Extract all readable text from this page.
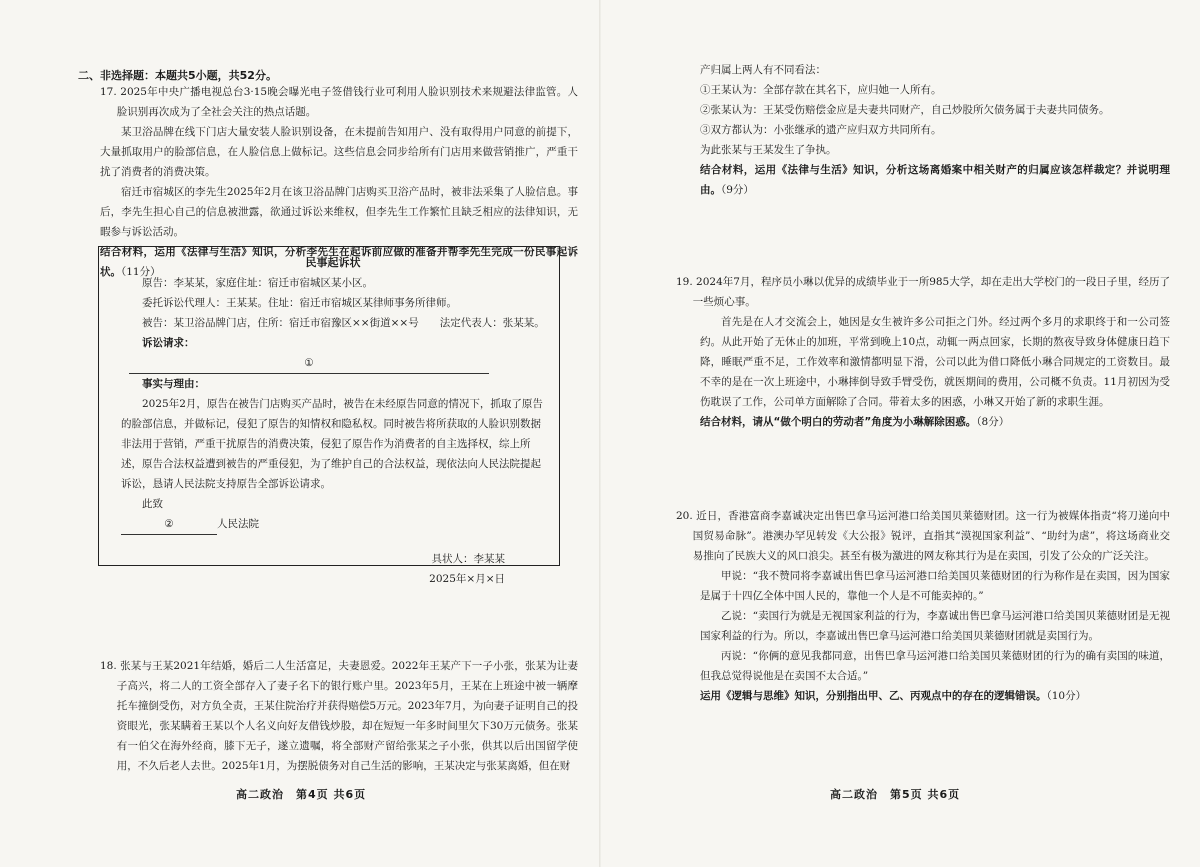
二、非选择题：本题共5小题，共52分。

17. 2025年中央广播电视总台3·15晚会曝光电子签借钱行业可利用人脸识别技术来规避法律监管。人脸识别再次成为了全社会关注的热点话题。

某卫浴品牌在线下门店大量安装人脸识别设备，在未提前告知用户、没有取得用户同意的前提下，大量抓取用户的脸部信息，在人脸信息上做标记。这些信息会同步给所有门店用来做营销推广，严重干扰了消费者的消费决策。

宿迁市宿城区的李先生2025年2月在该卫浴品牌门店购买卫浴产品时，被非法采集了人脸信息。事后，李先生担心自己的信息被泄露，欲通过诉讼来维权，但李先生工作繁忙且缺乏相应的法律知识，无暇参与诉讼活动。

结合材料，运用《法律与生活》知识，分析李先生在起诉前应做的准备并帮李先生完成一份民事起诉状。（11分）

民事起诉状

原告：李某某，家庭住址：宿迁市宿城区某小区。

委托诉讼代理人：王某某。住址：宿迁市宿城区某律师事务所律师。

被告：某卫浴品牌门店，住所：宿迁市宿豫区××街道××号　　法定代表人：张某某。

诉讼请求：

①

事实与理由：

2025年2月，原告在被告门店购买产品时，被告在未经原告同意的情况下，抓取了原告的脸部信息，并做标记，侵犯了原告的知情权和隐私权。同时被告将所获取的人脸识别数据非法用于营销，严重干扰原告的消费决策，侵犯了原告作为消费者的自主选择权，综上所述，原告合法权益遭到被告的严重侵犯，为了维护自己的合法权益，现依法向人民法院提起诉讼，恳请人民法院支持原告全部诉讼请求。

此致

②	人民法院

具状人：李某某

2025年×月×日

18. 张某与王某2021年结婚，婚后二人生活富足，夫妻恩爱。2022年王某产下一子小张，张某为让妻子高兴，将二人的工资全部存入了妻子名下的银行账户里。2023年5月，王某在上班途中被一辆摩托车撞倒受伤，对方负全责，王某住院治疗并获得赔偿5万元。2023年7月，为向妻子证明自己的投资眼光，张某瞒着王某以个人名义向好友借钱炒股，却在短短一年多时间里欠下30万元债务。张某有一伯父在海外经商，膝下无子，遂立遗嘱，将全部财产留给张某之子小张，供其以后出国留学使用，不久后老人去世。2025年1月，为摆脱债务对自己生活的影响，王某决定与张某离婚，但在财

高二政治　第4页 共6页

产归属上两人有不同看法：

①王某认为：全部存款在其名下，应归她一人所有。

②张某认为：王某受伤赔偿金应是夫妻共同财产，自己炒股所欠债务属于夫妻共同债务。

③双方都认为：小张继承的遗产应归双方共同所有。

为此张某与王某发生了争执。

结合材料，运用《法律与生活》知识，分析这场离婚案中相关财产的归属应该怎样裁定？并说明理由。（9分）

19. 2024年7月，程序员小琳以优异的成绩毕业于一所985大学，却在走出大学校门的一段日子里，经历了一些烦心事。

首先是在人才交流会上，她因是女生被许多公司拒之门外。经过两个多月的求职终于和一公司签约。从此开始了无休止的加班，平常到晚上10点，动辄一两点回家，长期的熬夜导致身体健康日趋下降，睡眠严重不足，工作效率和激情都明显下滑，公司以此为借口降低小琳合同规定的工资数目。最不幸的是在一次上班途中，小琳摔倒导致手臂受伤，就医期间的费用，公司概不负责。11月初因为受伤耽误了工作，公司单方面解除了合同。带着太多的困惑，小琳又开始了新的求职生涯。

结合材料，请从“做个明白的劳动者”角度为小琳解除困惑。（8分）

20. 近日，香港富商李嘉诚决定出售巴拿马运河港口给美国贝莱德财团。这一行为被媒体指责“将刀递向中国贸易命脉”。港澳办罕见转发《大公报》锐评，直指其“漠视国家利益”、“助纣为虐”，将这场商业交易推向了民族大义的风口浪尖。甚至有极为激进的网友称其行为是在卖国，引发了公众的广泛关注。

甲说：“我不赞同将李嘉诚出售巴拿马运河港口给美国贝莱德财团的行为称作是在卖国，因为国家是属于十四亿全体中国人民的，靠他一个人是不可能卖掉的。”

乙说：“卖国行为就是无视国家利益的行为，李嘉诚出售巴拿马运河港口给美国贝莱德财团是无视国家利益的行为。所以，李嘉诚出售巴拿马运河港口给美国贝莱德财团就是卖国行为。

丙说：“你俩的意见我都同意，出售巴拿马运河港口给美国贝莱德财团的行为的确有卖国的味道，但我总觉得说他是在卖国不太合适。”

运用《逻辑与思维》知识，分别指出甲、乙、丙观点中的存在的逻辑错误。（10分）

高二政治　第5页 共6页
